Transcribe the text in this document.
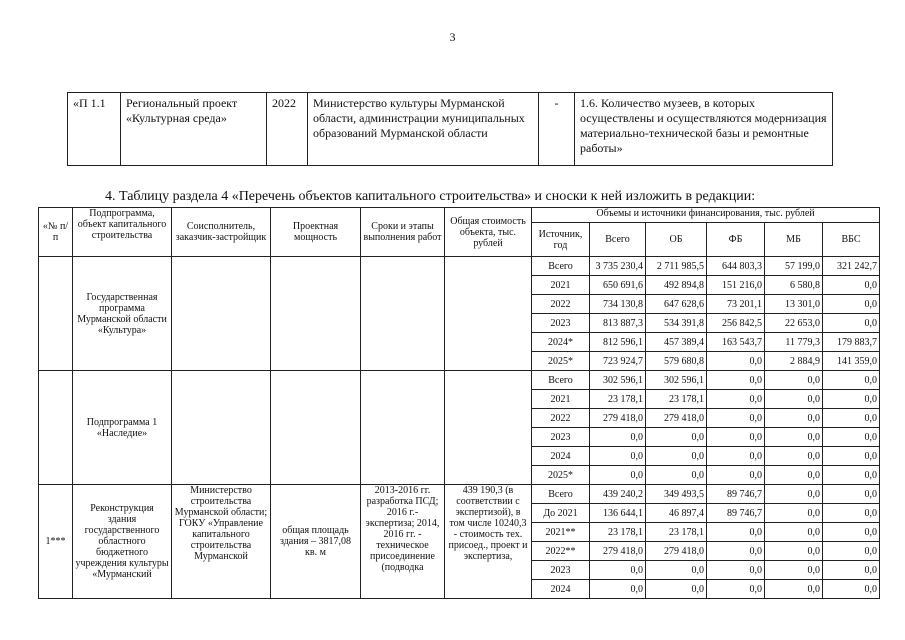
3
«П 1.1	Региональный проект «Культурная среда»	2022	Министерство культуры Мурманской области, администрации муниципальных образований Мурманской области	-	1.6. Количество музеев, в которых осуществлены и осуществляются модернизация материально-технической базы и ремонтные работы»
4. Таблицу раздела 4 «Перечень объектов капитального строительства» и сноски к ней изложить в редакции:
«№ п/п	Подпрограмма, объект капитального строительства	Соисполнитель, заказчик-застройщик	Проектная мощность	Сроки и этапы выполнения работ	Общая стоимость объекта, тыс. рублей	Объемы и источники финансирования, тыс. рублей					
						Источник, год	Всего	ОБ	ФБ	МБ	ВБС
	Государственная программа Мурманской области «Культура»					Всего	3 735 230,4	2 711 985,5	644 803,3	57 199,0	321 242,7
						2021	650 691,6	492 894,8	151 216,0	6 580,8	0,0
						2022	734 130,8	647 628,6	73 201,1	13 301,0	0,0
						2023	813 887,3	534 391,8	256 842,5	22 653,0	0,0
						2024*	812 596,1	457 389,4	163 543,7	11 779,3	179 883,7
						2025*	723 924,7	579 680,8	0,0	2 884,9	141 359,0
	Подпрограмма 1 «Наследие»					Всего	302 596,1	302 596,1	0,0	0,0	0,0
						2021	23 178,1	23 178,1	0,0	0,0	0,0
						2022	279 418,0	279 418,0	0,0	0,0	0,0
						2023	0,0	0,0	0,0	0,0	0,0
						2024	0,0	0,0	0,0	0,0	0,0
						2025*	0,0	0,0	0,0	0,0	0,0
1***	Реконструкция здания государственного областного бюджетного учреждения культуры «Мурманский	Министерство строительства Мурманской области; ГОКУ «Управление капитального строительства Мурманской	общая площадь здания – 3817,08 кв. м	2013-2016 гг. разработка ПСД; 2016 г.- экспертиза; 2014, 2016 гг. - техническое присоединение (подводка	439 190,3 (в соответствии с экспертизой), в том числе 10240,3 - стоимость тех. присоед., проект и экспертиза,	Всего	439 240,2	349 493,5	89 746,7	0,0	0,0
						До 2021	136 644,1	46 897,4	89 746,7	0,0	0,0
						2021**	23 178,1	23 178,1	0,0	0,0	0,0
						2022**	279 418,0	279 418,0	0,0	0,0	0,0
						2023	0,0	0,0	0,0	0,0	0,0
						2024	0,0	0,0	0,0	0,0	0,0
